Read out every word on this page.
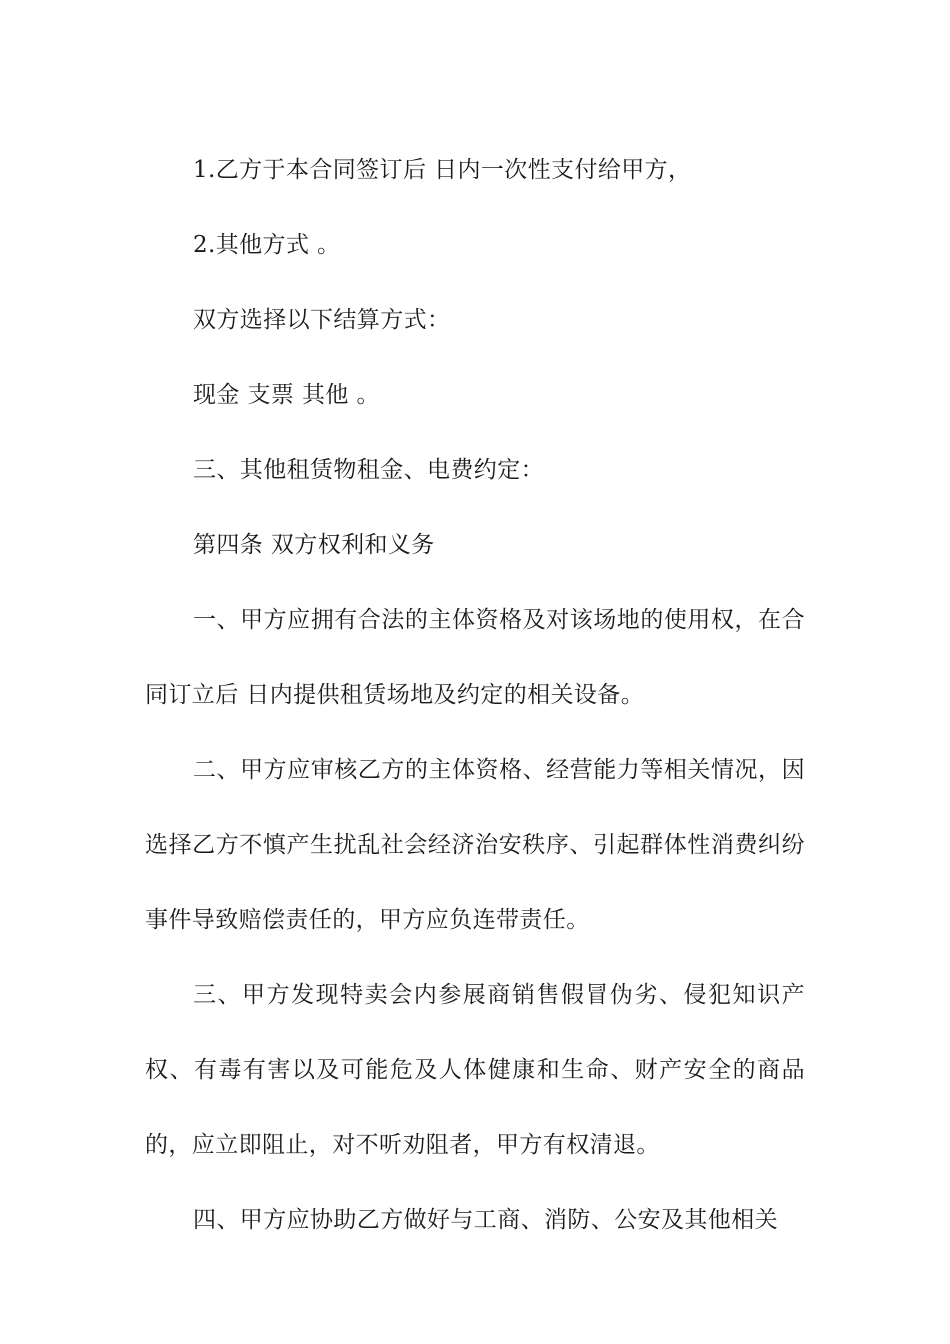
1.乙方于本合同签订后 日内一次性支付给甲方，

2.其他方式 。

双方选择以下结算方式：

现金 支票 其他 。

三、其他租赁物租金、电费约定：

第四条 双方权利和义务

一、甲方应拥有合法的主体资格及对该场地的使用权，在合同订立后 日内提供租赁场地及约定的相关设备。

二、甲方应审核乙方的主体资格、经营能力等相关情况，因选择乙方不慎产生扰乱社会经济治安秩序、引起群体性消费纠纷事件导致赔偿责任的，甲方应负连带责任。

三、甲方发现特卖会内参展商销售假冒伪劣、侵犯知识产权、有毒有害以及可能危及人体健康和生命、财产安全的商品的，应立即阻止，对不听劝阻者，甲方有权清退。

四、甲方应协助乙方做好与工商、消防、公安及其他相关
